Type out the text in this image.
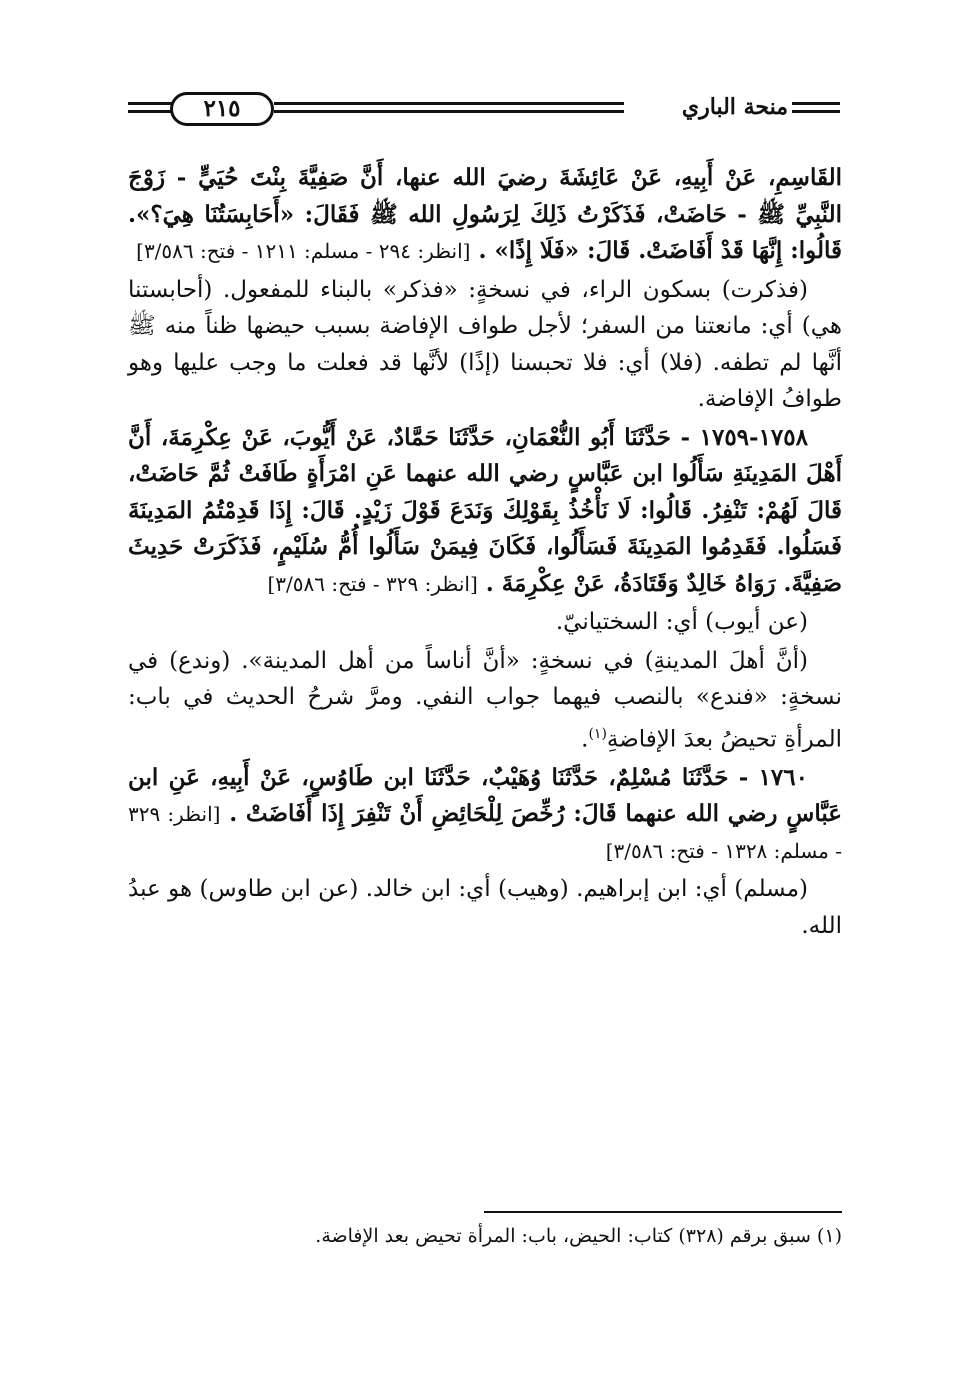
منحة الباري
٢١٥

القَاسِمِ، عَنْ أَبِيهِ، عَنْ عَائِشَةَ رضيَ الله عنها، أَنَّ صَفِيَّةَ بِنْتَ حُيَيٍّ - زَوْجَ النَّبِيِّ ﷺ - حَاضَتْ، فَذَكَرْتُ ذَلِكَ لِرَسُولِ الله ﷺ فَقَالَ: «أَحَابِسَتُنَا هِيَ؟». قَالُوا: إِنَّهَا قَدْ أَفَاضَتْ. قَالَ: «فَلَا إِذًا» . [انظر: ٢٩٤ - مسلم: ١٢١١ - فتح: ٣/٥٨٦]

(فذكرت) بسكون الراء، في نسخةٍ: «فذكر» بالبناء للمفعول. (أحابستنا هي) أي: مانعتنا من السفر؛ لأجل طواف الإفاضة بسبب حيضها ظناً منه ﷺ أنَّها لم تطفه. (فلا) أي: فلا تحبسنا (إذًا) لأنَّها قد فعلت ما وجب عليها وهو طوافُ الإفاضة.

١٧٥٨-١٧٥٩ - حَدَّثَنَا أَبُو النُّعْمَانِ، حَدَّثَنَا حَمَّادٌ، عَنْ أَيُّوبَ، عَنْ عِكْرِمَةَ، أَنَّ أَهْلَ المَدِينَةِ سَأَلُوا ابن عَبَّاسٍ رضي الله عنهما عَنِ امْرَأَةٍ طَافَتْ ثُمَّ حَاضَتْ، قَالَ لَهُمْ: تَنْفِرُ. قَالُوا: لَا نَأْخُذُ بِقَوْلِكَ وَنَدَعَ قَوْلَ زَيْدٍ. قَالَ: إِذَا قَدِمْتُمُ المَدِينَةَ فَسَلُوا. فَقَدِمُوا المَدِينَةَ فَسَأَلُوا، فَكَانَ فِيمَنْ سَأَلُوا أُمُّ سُلَيْمٍ، فَذَكَرَتْ حَدِيثَ صَفِيَّةَ. رَوَاهُ خَالِدٌ وَقَتَادَةُ، عَنْ عِكْرِمَةَ . [انظر: ٣٢٩ - فتح: ٣/٥٨٦]

(عن أيوب) أي: السختيانيّ.

(أنَّ أهلَ المدينةِ) في نسخةٍ: «أنَّ أناساً من أهل المدينة». (وندع) في نسخةٍ: «فندع» بالنصب فيهما جواب النفي. ومرَّ شرحُ الحديث في باب: المرأةِ تحيضُ بعدَ الإفاضةِ$^{(١)}$.

١٧٦٠ - حَدَّثَنَا مُسْلِمٌ، حَدَّثَنَا وُهَيْبٌ، حَدَّثَنَا ابن طَاوُسٍ، عَنْ أَبِيهِ، عَنِ ابن عَبَّاسٍ رضي الله عنهما قَالَ: رُخِّصَ لِلْحَائِضِ أَنْ تَنْفِرَ إِذَا أَفَاضَتْ . [انظر: ٣٢٩ - مسلم: ١٣٢٨ - فتح: ٣/٥٨٦]

(مسلم) أي: ابن إبراهيم. (وهيب) أي: ابن خالد. (عن ابن طاوس) هو عبدُ الله.

(١) سبق برقم (٣٢٨) كتاب: الحيض، باب: المرأة تحيض بعد الإفاضة.
